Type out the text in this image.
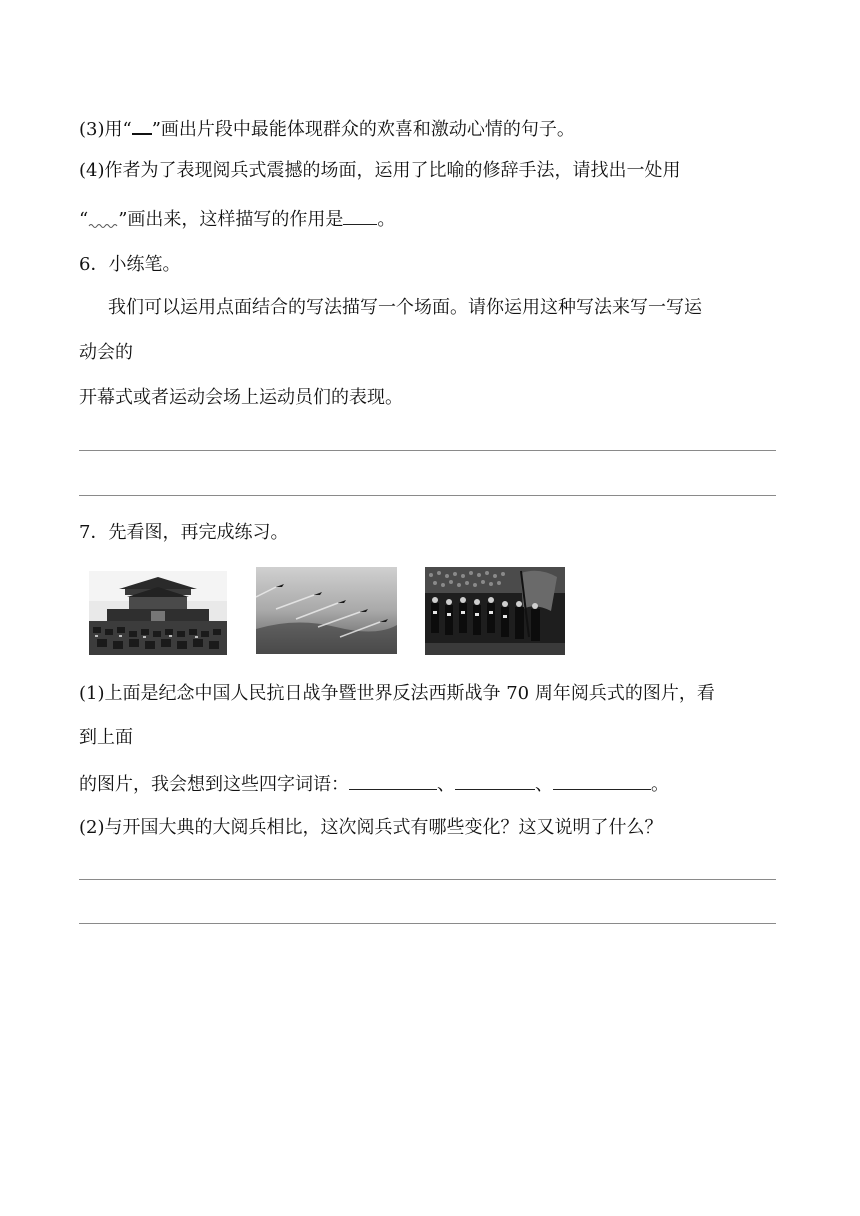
(3)用“ ”画出片段中最能体现群众的欢喜和激动心情的句子。
(4)作者为了表现阅兵式震撼的场面，运用了比喻的修辞手法，请找出一处用
“ ”画出来，这样描写的作用是 。
6．小练笔。
我们可以运用点面结合的写法描写一个场面。请你运用这种写法来写一写运
动会的
开幕式或者运动会场上运动员们的表现。
7．先看图，再完成练习。
(1)上面是纪念中国人民抗日战争暨世界反法西斯战争 70 周年阅兵式的图片，看
到上面
的图片，我会想到这些四字词语：	、	、	。
(2)与开国大典的大阅兵相比，这次阅兵式有哪些变化？这又说明了什么？
